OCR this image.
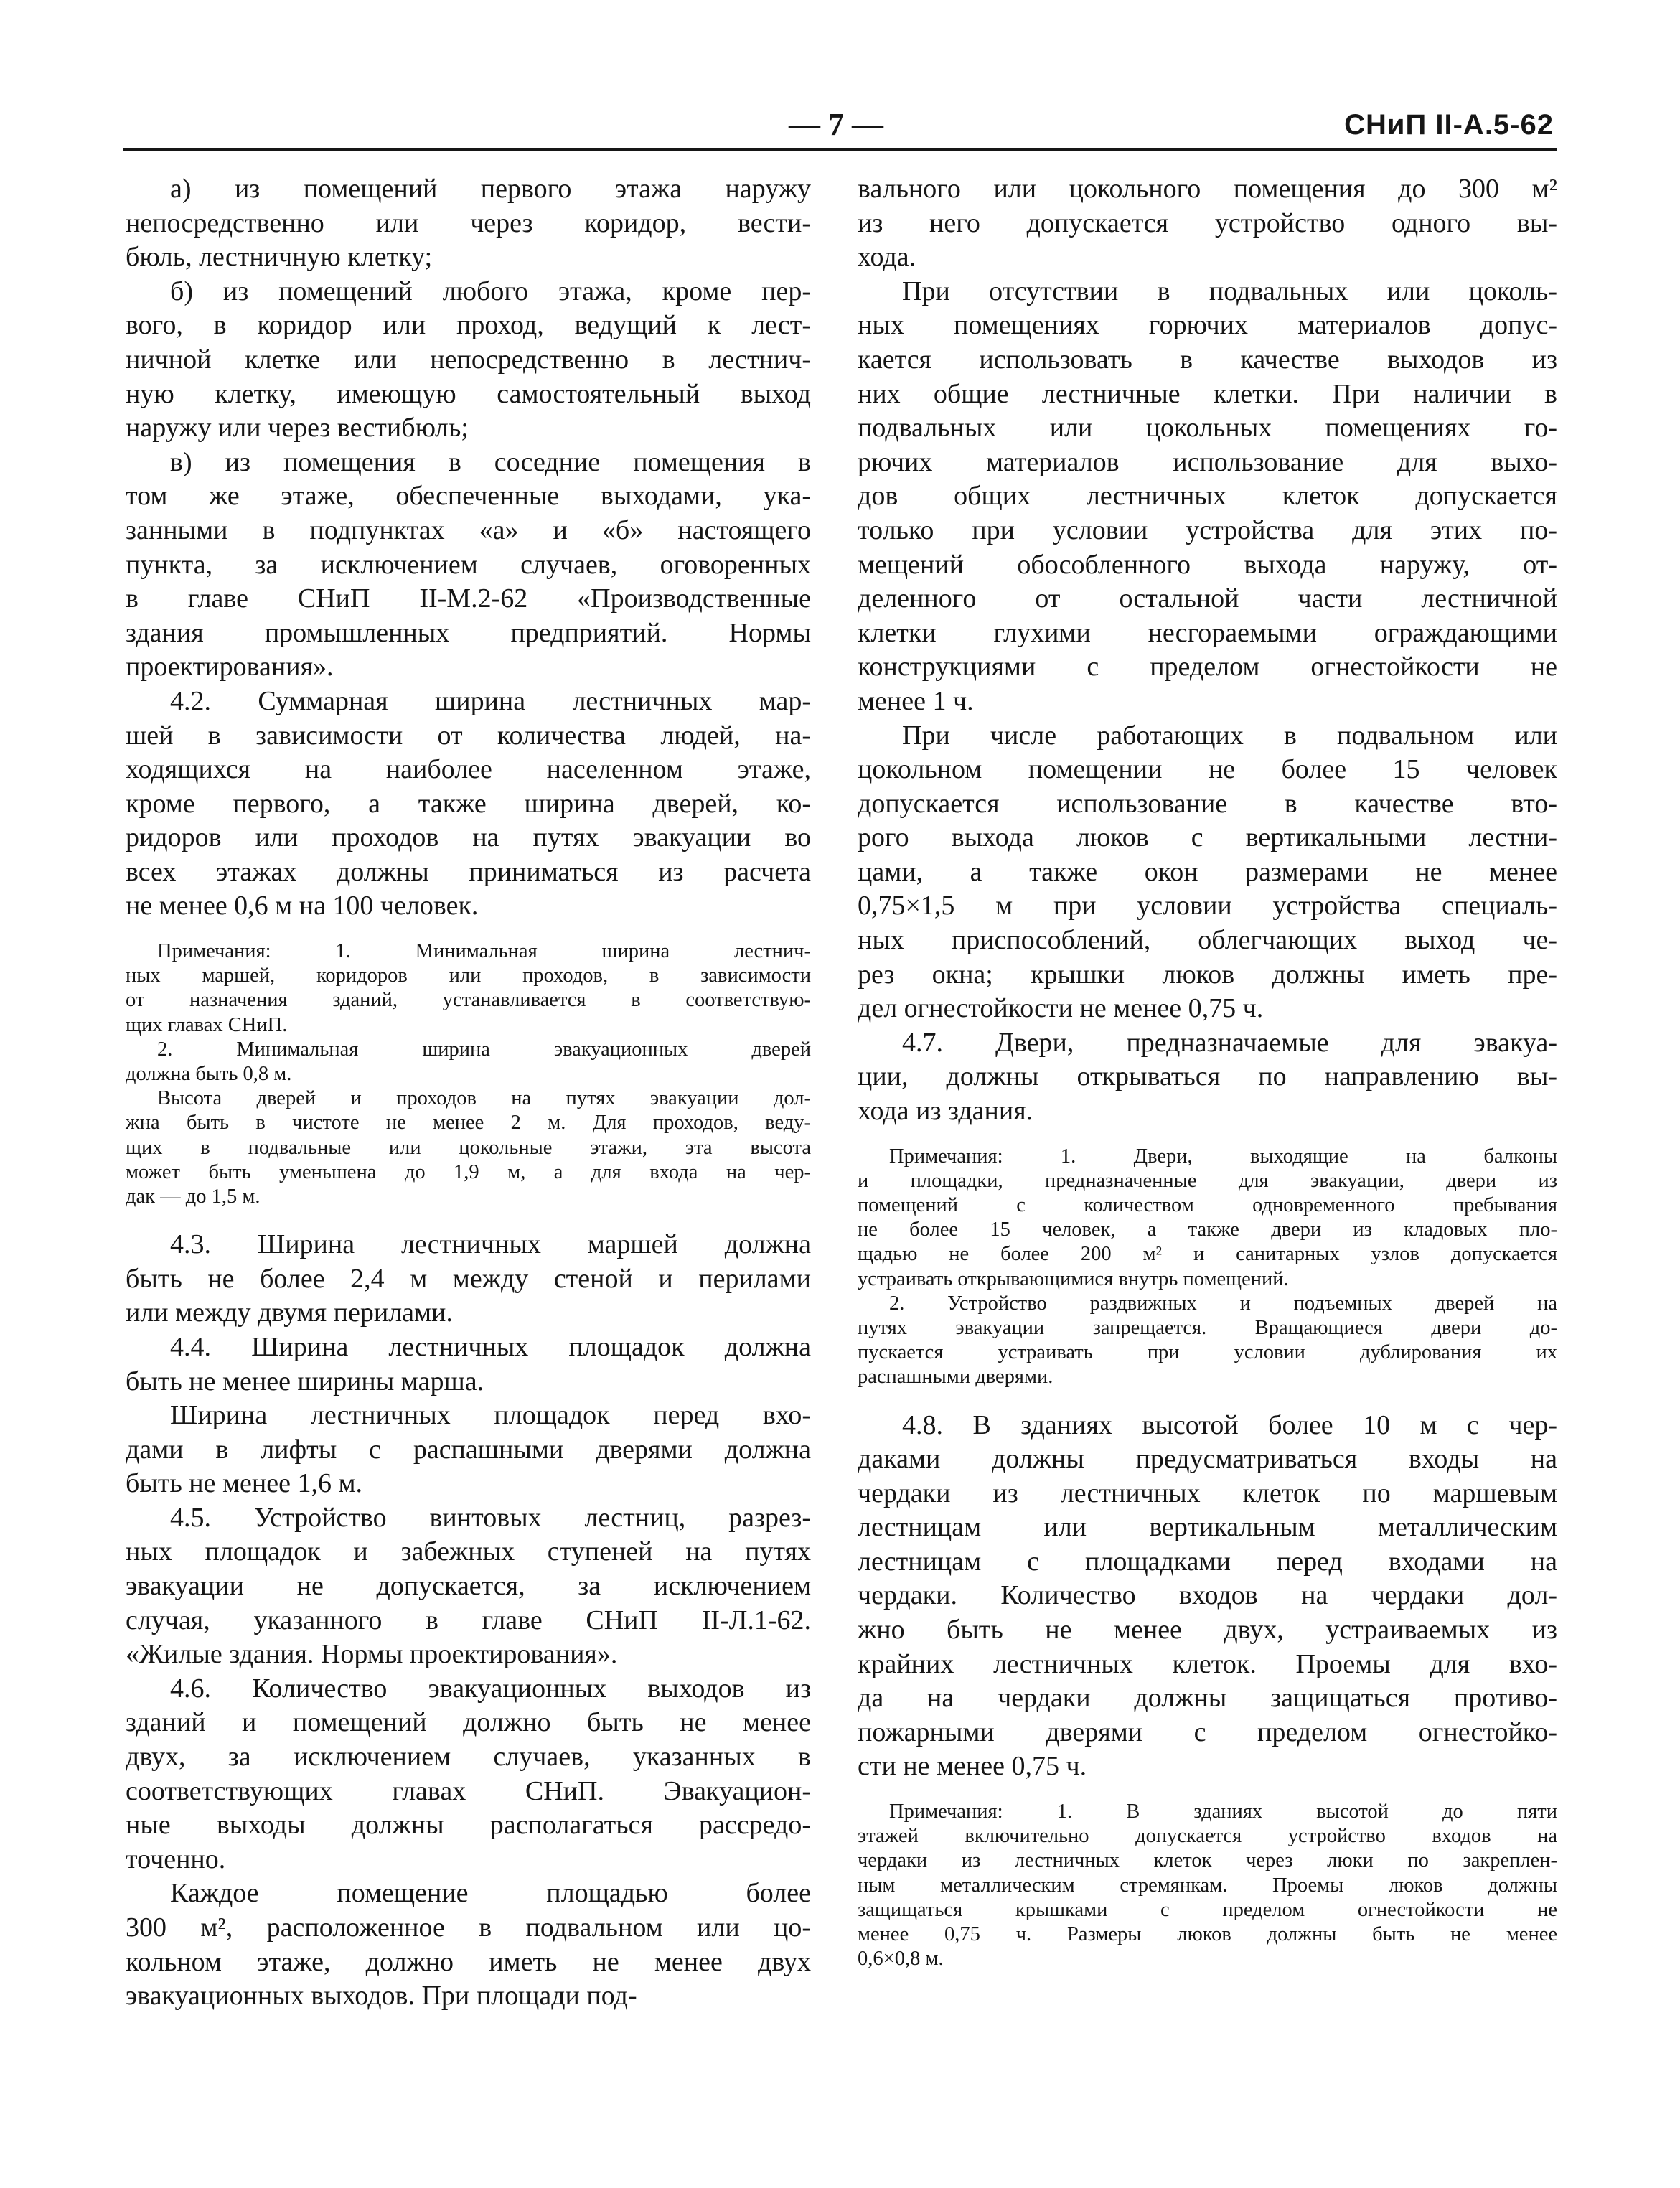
— 7 —	СНиП II-А.5-62
а) из помещений первого этажа наружу
непосредственно или через коридор, вести-
бюль, лестничную клетку;
б) из помещений любого этажа, кроме пер-
вого, в коридор или проход, ведущий к лест-
ничной клетке или непосредственно в лестнич-
ную клетку, имеющую самостоятельный выход
наружу или через вестибюль;
в) из помещения в соседние помещения в
том же этаже, обеспеченные выходами, ука-
занными в подпунктах «а» и «б» настоящего
пункта, за исключением случаев, оговоренных
в главе СНиП II-М.2-62 «Производственные
здания промышленных предприятий. Нормы
проектирования».
4.2. Суммарная ширина лестничных мар-
шей в зависимости от количества людей, на-
ходящихся на наиболее населенном этаже,
кроме первого, а также ширина дверей, ко-
ридоров или проходов на путях эвакуации во
всех этажах должны приниматься из расчета
не менее 0,6 м на 100 человек.
Примечания: 1. Минимальная ширина лестнич-
ных маршей, коридоров или проходов, в зависимости
от назначения зданий, устанавливается в соответствую-
щих главах СНиП.
2. Минимальная ширина эвакуационных дверей
должна быть 0,8 м.
Высота дверей и проходов на путях эвакуации дол-
жна быть в чистоте не менее 2 м. Для проходов, веду-
щих в подвальные или цокольные этажи, эта высота
может быть уменьшена до 1,9 м, а для входа на чер-
дак — до 1,5 м.
4.3. Ширина лестничных маршей должна
быть не более 2,4 м между стеной и перилами
или между двумя перилами.
4.4. Ширина лестничных площадок должна
быть не менее ширины марша.
Ширина лестничных площадок перед вхо-
дами в лифты с распашными дверями должна
быть не менее 1,6 м.
4.5. Устройство винтовых лестниц, разрез-
ных площадок и забежных ступеней на путях
эвакуации не допускается, за исключением
случая, указанного в главе СНиП II-Л.1-62.
«Жилые здания. Нормы проектирования».
4.6. Количество эвакуационных выходов из
зданий и помещений должно быть не менее
двух, за исключением случаев, указанных в
соответствующих главах СНиП. Эвакуацион-
ные выходы должны располагаться рассредо-
точенно.
Каждое помещение площадью более
300 м², расположенное в подвальном или цо-
кольном этаже, должно иметь не менее двух
эвакуационных выходов. При площади под-
вального или цокольного помещения до 300 м²
из него допускается устройство одного вы-
хода.
При отсутствии в подвальных или цоколь-
ных помещениях горючих материалов допус-
кается использовать в качестве выходов из
них общие лестничные клетки. При наличии в
подвальных или цокольных помещениях го-
рючих материалов использование для выхо-
дов общих лестничных клеток допускается
только при условии устройства для этих по-
мещений обособленного выхода наружу, от-
деленного от остальной части лестничной
клетки глухими несгораемыми ограждающими
конструкциями с пределом огнестойкости не
менее 1 ч.
При числе работающих в подвальном или
цокольном помещении не более 15 человек
допускается использование в качестве вто-
рого выхода люков с вертикальными лестни-
цами, а также окон размерами не менее
0,75×1,5 м при условии устройства специаль-
ных приспособлений, облегчающих выход че-
рез окна; крышки люков должны иметь пре-
дел огнестойкости не менее 0,75 ч.
4.7. Двери, предназначаемые для эвакуа-
ции, должны открываться по направлению вы-
хода из здания.
Примечания: 1. Двери, выходящие на балконы
и площадки, предназначенные для эвакуации, двери из
помещений с количеством одновременного пребывания
не более 15 человек, а также двери из кладовых пло-
щадью не более 200 м² и санитарных узлов допускается
устраивать открывающимися внутрь помещений.
2. Устройство раздвижных и подъемных дверей на
путях эвакуации запрещается. Вращающиеся двери до-
пускается устраивать при условии дублирования их
распашными дверями.
4.8. В зданиях высотой более 10 м с чер-
даками должны предусматриваться входы на
чердаки из лестничных клеток по маршевым
лестницам или вертикальным металлическим
лестницам с площадками перед входами на
чердаки. Количество входов на чердаки дол-
жно быть не менее двух, устраиваемых из
крайних лестничных клеток. Проемы для вхо-
да на чердаки должны защищаться противо-
пожарными дверями с пределом огнестойко-
сти не менее 0,75 ч.
Примечания: 1. В зданиях высотой до пяти
этажей включительно допускается устройство входов на
чердаки из лестничных клеток через люки по закреплен-
ным металлическим стремянкам. Проемы люков должны
защищаться крышками с пределом огнестойкости не
менее 0,75 ч. Размеры люков должны быть не менее
0,6×0,8 м.
